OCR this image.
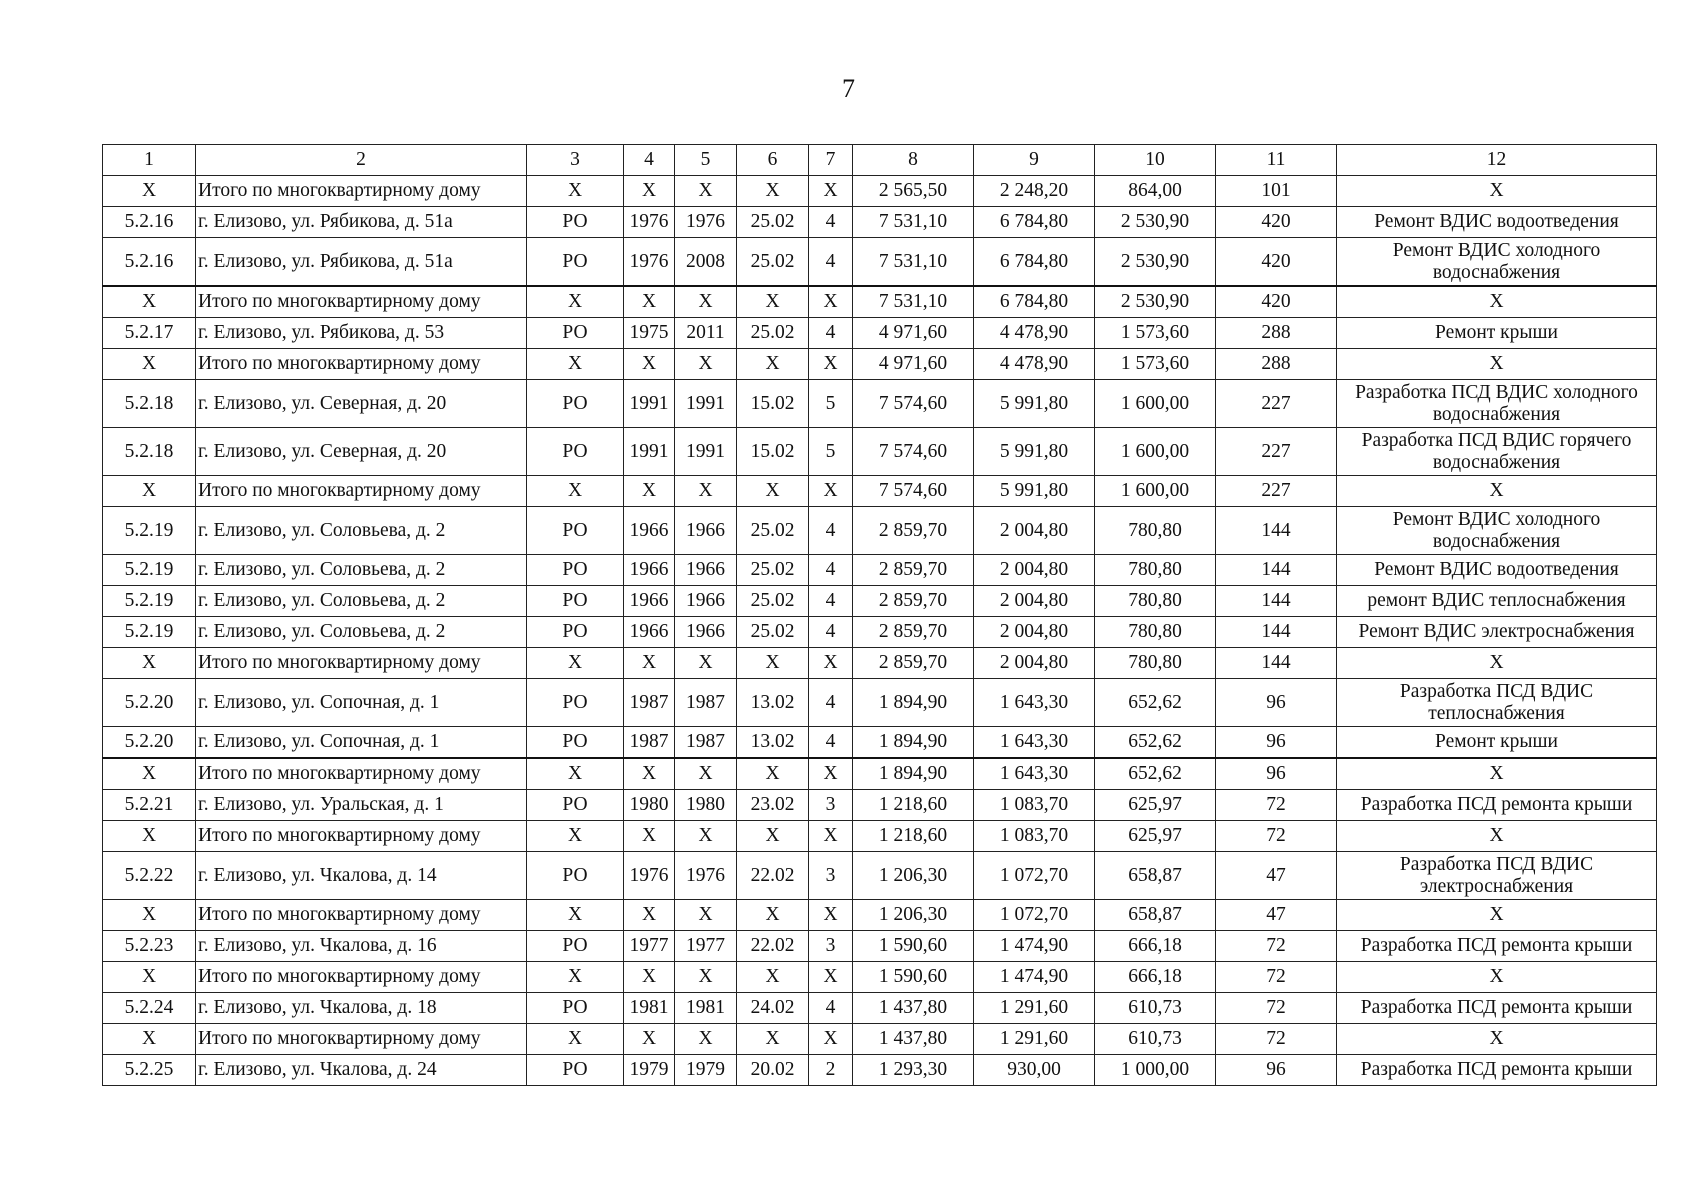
7
1	2	3	4	5	6	7	8	9	10	11	12
Х	Итого по многоквартирному дому	Х	Х	Х	Х	Х	2 565,50	2 248,20	864,00	101	Х
5.2.16	г. Елизово, ул. Рябикова, д. 51а	РО	1976	1976	25.02	4	7 531,10	6 784,80	2 530,90	420	Ремонт ВДИС водоотведения
5.2.16	г. Елизово, ул. Рябикова, д. 51а	РО	1976	2008	25.02	4	7 531,10	6 784,80	2 530,90	420	Ремонт ВДИС холодного водоснабжения
Х	Итого по многоквартирному дому	Х	Х	Х	Х	Х	7 531,10	6 784,80	2 530,90	420	Х
5.2.17	г. Елизово, ул. Рябикова, д. 53	РО	1975	2011	25.02	4	4 971,60	4 478,90	1 573,60	288	Ремонт крыши
Х	Итого по многоквартирному дому	Х	Х	Х	Х	Х	4 971,60	4 478,90	1 573,60	288	Х
5.2.18	г. Елизово, ул. Северная, д. 20	РО	1991	1991	15.02	5	7 574,60	5 991,80	1 600,00	227	Разработка ПСД ВДИС холодного водоснабжения
5.2.18	г. Елизово, ул. Северная, д. 20	РО	1991	1991	15.02	5	7 574,60	5 991,80	1 600,00	227	Разработка ПСД ВДИС горячего водоснабжения
Х	Итого по многоквартирному дому	Х	Х	Х	Х	Х	7 574,60	5 991,80	1 600,00	227	Х
5.2.19	г. Елизово, ул. Соловьева, д. 2	РО	1966	1966	25.02	4	2 859,70	2 004,80	780,80	144	Ремонт ВДИС холодного водоснабжения
5.2.19	г. Елизово, ул. Соловьева, д. 2	РО	1966	1966	25.02	4	2 859,70	2 004,80	780,80	144	Ремонт ВДИС водоотведения
5.2.19	г. Елизово, ул. Соловьева, д. 2	РО	1966	1966	25.02	4	2 859,70	2 004,80	780,80	144	ремонт ВДИС теплоснабжения
5.2.19	г. Елизово, ул. Соловьева, д. 2	РО	1966	1966	25.02	4	2 859,70	2 004,80	780,80	144	Ремонт ВДИС электроснабжения
Х	Итого по многоквартирному дому	Х	Х	Х	Х	Х	2 859,70	2 004,80	780,80	144	Х
5.2.20	г. Елизово, ул. Сопочная, д. 1	РО	1987	1987	13.02	4	1 894,90	1 643,30	652,62	96	Разработка ПСД ВДИС теплоснабжения
5.2.20	г. Елизово, ул. Сопочная, д. 1	РО	1987	1987	13.02	4	1 894,90	1 643,30	652,62	96	Ремонт крыши
Х	Итого по многоквартирному дому	Х	Х	Х	Х	Х	1 894,90	1 643,30	652,62	96	Х
5.2.21	г. Елизово, ул. Уральская, д. 1	РО	1980	1980	23.02	3	1 218,60	1 083,70	625,97	72	Разработка ПСД ремонта крыши
Х	Итого по многоквартирному дому	Х	Х	Х	Х	Х	1 218,60	1 083,70	625,97	72	Х
5.2.22	г. Елизово, ул. Чкалова, д. 14	РО	1976	1976	22.02	3	1 206,30	1 072,70	658,87	47	Разработка ПСД ВДИС электроснабжения
Х	Итого по многоквартирному дому	Х	Х	Х	Х	Х	1 206,30	1 072,70	658,87	47	Х
5.2.23	г. Елизово, ул. Чкалова, д. 16	РО	1977	1977	22.02	3	1 590,60	1 474,90	666,18	72	Разработка ПСД ремонта крыши
Х	Итого по многоквартирному дому	Х	Х	Х	Х	Х	1 590,60	1 474,90	666,18	72	Х
5.2.24	г. Елизово, ул. Чкалова, д. 18	РО	1981	1981	24.02	4	1 437,80	1 291,60	610,73	72	Разработка ПСД ремонта крыши
Х	Итого по многоквартирному дому	Х	Х	Х	Х	Х	1 437,80	1 291,60	610,73	72	Х
5.2.25	г. Елизово, ул. Чкалова, д. 24	РО	1979	1979	20.02	2	1 293,30	930,00	1 000,00	96	Разработка ПСД ремонта крыши
